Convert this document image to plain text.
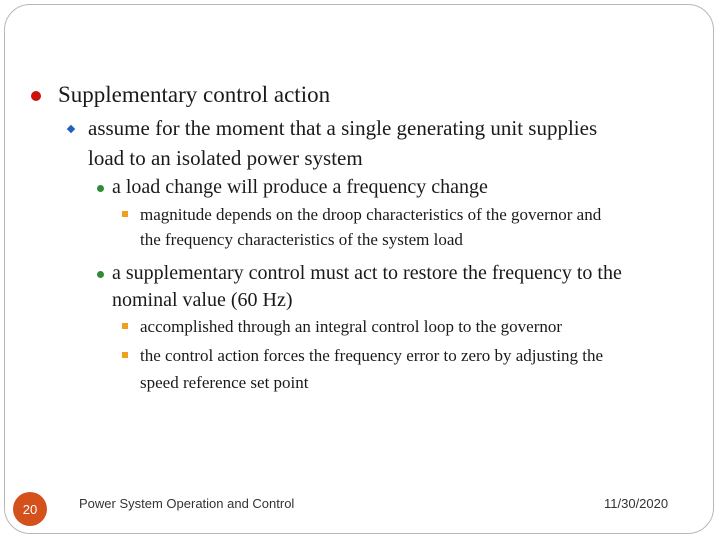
Supplementary control action
assume for the moment that a single generating unit supplies
load to an isolated power system
a load change will produce a frequency change
magnitude depends on the droop characteristics of the governor and
the frequency characteristics of the system load
a supplementary control must act to restore the frequency to the
nominal value (60 Hz)
accomplished through an integral control loop to the governor
the control action forces the frequency error to zero by adjusting the
speed reference set point
20	Power System Operation and Control	11/30/2020
